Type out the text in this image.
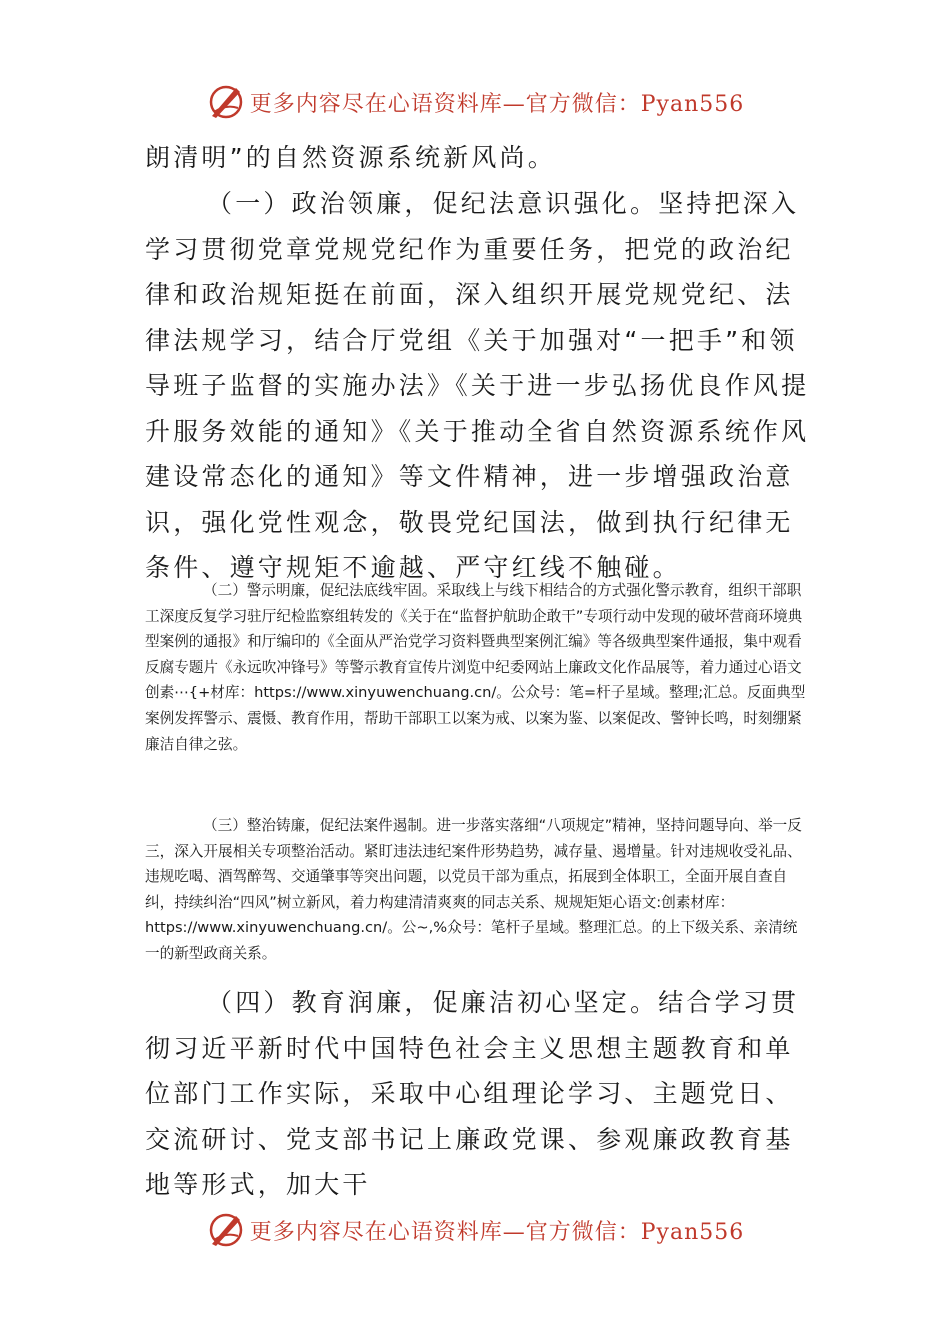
更多内容尽在心语资料库—官方微信：Pyan556

朗清明”的自然资源系统新风尚。

（一）政治领廉，促纪法意识强化。坚持把深入学习贯彻党章党规党纪作为重要任务，把党的政治纪律和政治规矩挺在前面，深入组织开展党规党纪、法律法规学习，结合厅党组《关于加强对“一把手”和领导班子监督的实施办法》《关于进一步弘扬优良作风提升服务效能的通知》《关于推动全省自然资源系统作风建设常态化的通知》等文件精神，进一步增强政治意识，强化党性观念，敬畏党纪国法，做到执行纪律无条件、遵守规矩不逾越、严守红线不触碰。

（二）警示明廉，促纪法底线牢固。采取线上与线下相结合的方式强化警示教育，组织干部职工深度反复学习驻厅纪检监察组转发的《关于在“监督护航助企敢干”专项行动中发现的破坏营商环境典型案例的通报》和厅编印的《全面从严治党学习资料暨典型案例汇编》等各级典型案件通报，集中观看反腐专题片《永远吹冲锋号》等警示教育宣传片浏览中纪委网站上廉政文化作品展等，着力通过心语文创素⋯{+材库：https://www.xinyuwenchuang.cn/。公众号：笔=杆子星域。整理;汇总。反面典型案例发挥警示、震慑、教育作用，帮助干部职工以案为戒、以案为鉴、以案促改、警钟长鸣，时刻绷紧廉洁自律之弦。

（三）整治铸廉，促纪法案件遏制。进一步落实落细“八项规定”精神，坚持问题导向、举一反三，深入开展相关专项整治活动。紧盯违法违纪案件形势趋势，减存量、遏增量。针对违规收受礼品、违规吃喝、酒驾醉驾、交通肇事等突出问题，以党员干部为重点，拓展到全体职工，全面开展自查自纠，持续纠治“四风”树立新风，着力构建清清爽爽的同志关系、规规矩矩心语文:创素材库：https://www.xinyuwenchuang.cn/。公~,%众号：笔杆子星域。整理汇总。的上下级关系、亲清统一的新型政商关系。

（四）教育润廉，促廉洁初心坚定。结合学习贯彻习近平新时代中国特色社会主义思想主题教育和单位部门工作实际，采取中心组理论学习、主题党日、交流研讨、党支部书记上廉政党课、参观廉政教育基地等形式，加大干

更多内容尽在心语资料库—官方微信：Pyan556
